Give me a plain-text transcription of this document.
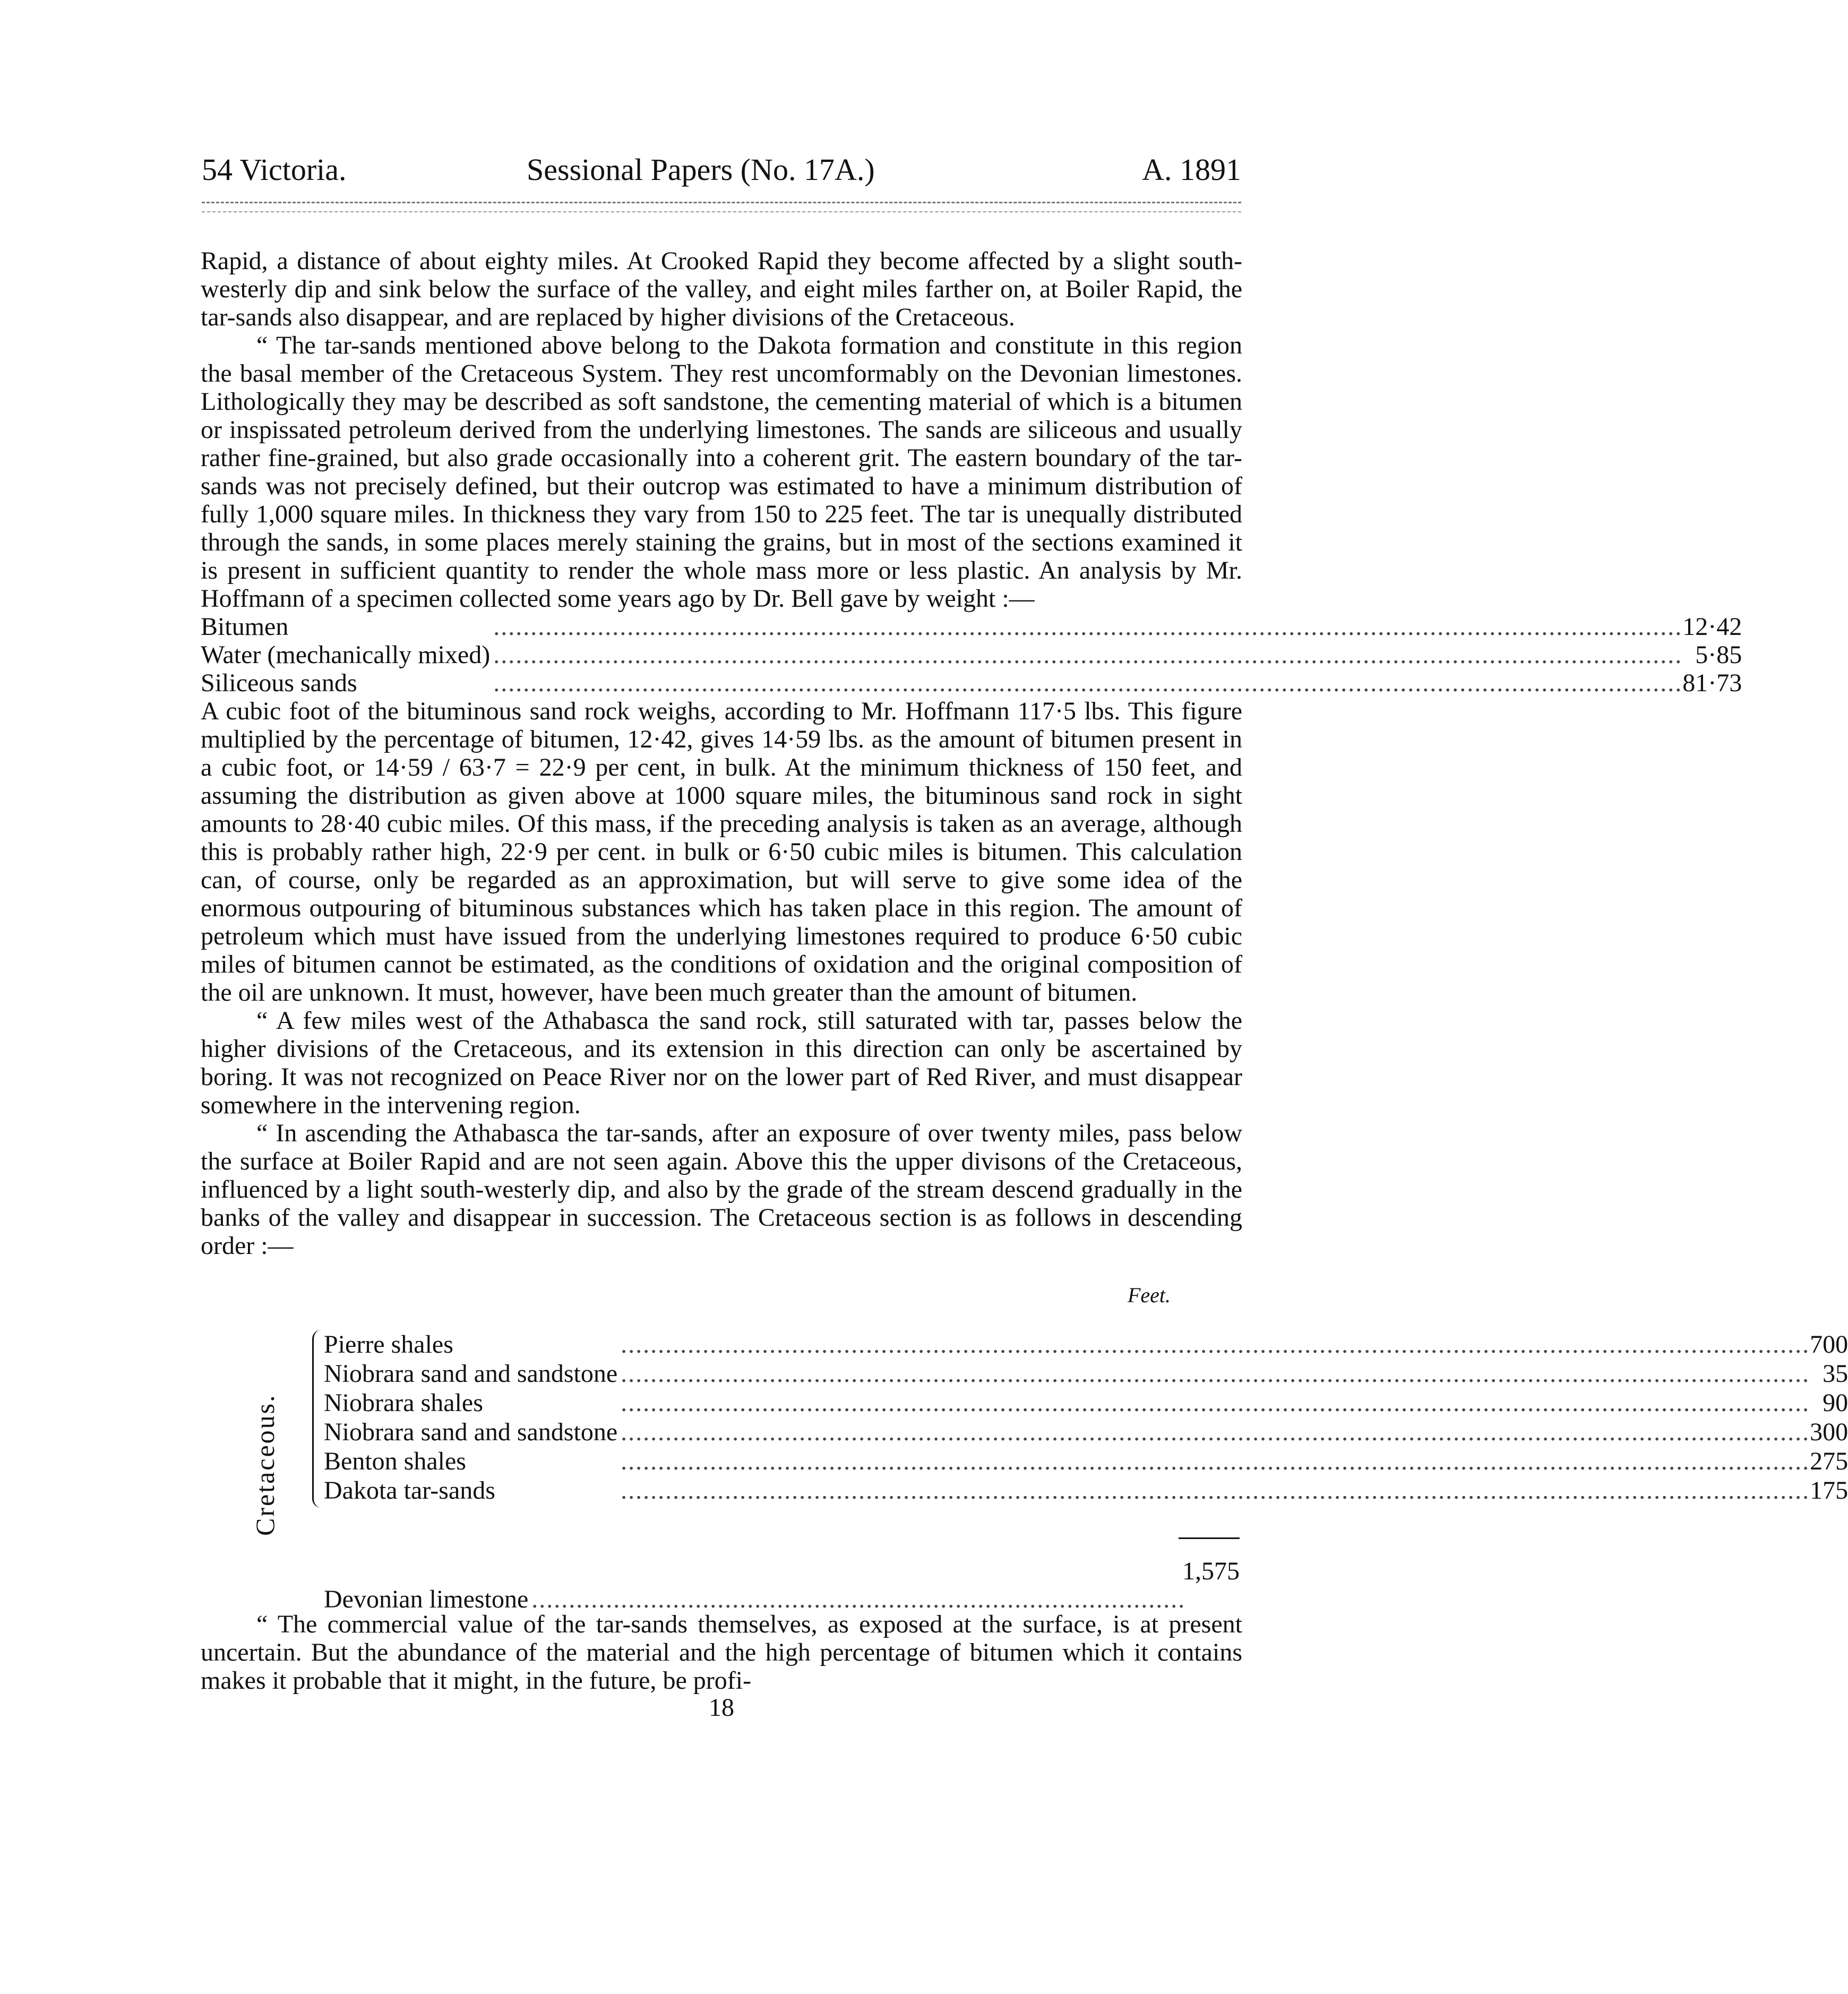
54 Victoria.	Sessional Papers (No. 17A.)	A. 1891

Rapid, a distance of about eighty miles. At Crooked Rapid they become affected by a slight south-westerly dip and sink below the surface of the valley, and eight miles farther on, at Boiler Rapid, the tar-sands also disappear, and are replaced by higher divisions of the Cretaceous.

“ The tar-sands mentioned above belong to the Dakota formation and constitute in this region the basal member of the Cretaceous System. They rest uncomformably on the Devonian limestones. Lithologically they may be described as soft sandstone, the cementing material of which is a bitumen or inspissated petroleum derived from the underlying limestones. The sands are siliceous and usually rather fine-grained, but also grade occasionally into a coherent grit. The eastern boundary of the tar-sands was not precisely defined, but their outcrop was estimated to have a minimum distribution of fully 1,000 square miles. In thickness they vary from 150 to 225 feet. The tar is unequally distributed through the sands, in some places merely staining the grains, but in most of the sections examined it is present in sufficient quantity to render the whole mass more or less plastic. An analysis by Mr. Hoffmann of a specimen collected some years ago by Dr. Bell gave by weight :—

Bitumen	................................................................................................................................................................	12·42
Water (mechanically mixed)	................................................................................................................................................................	5·85
Siliceous sands	................................................................................................................................................................	81·73

A cubic foot of the bituminous sand rock weighs, according to Mr. Hoffmann 117·5 lbs. This figure multiplied by the percentage of bitumen, 12·42, gives 14·59 lbs. as the amount of bitumen present in a cubic foot, or 14·59 / 63·7 = 22·9 per cent, in bulk. At the minimum thickness of 150 feet, and assuming the distribution as given above at 1000 square miles, the bituminous sand rock in sight amounts to 28·40 cubic miles. Of this mass, if the preceding analysis is taken as an average, although this is probably rather high, 22·9 per cent. in bulk or 6·50 cubic miles is bitumen. This calculation can, of course, only be regarded as an approximation, but will serve to give some idea of the enormous outpouring of bituminous substances which has taken place in this region. The amount of petroleum which must have issued from the underlying limestones required to produce 6·50 cubic miles of bitumen cannot be estimated, as the conditions of oxidation and the original composition of the oil are unknown. It must, however, have been much greater than the amount of bitumen.

“ A few miles west of the Athabasca the sand rock, still saturated with tar, passes below the higher divisions of the Cretaceous, and its extension in this direction can only be ascertained by boring. It was not recognized on Peace River nor on the lower part of Red River, and must disappear somewhere in the intervening region.

“ In ascending the Athabasca the tar-sands, after an exposure of over twenty miles, pass below the surface at Boiler Rapid and are not seen again. Above this the upper divisons of the Cretaceous, influenced by a light south-westerly dip, and also by the grade of the stream descend gradually in the banks of the valley and disappear in succession. The Cretaceous section is as follows in descending order :—

Feet.
Cretaceous.
Pierre shales	................................................................................................................................................................	700
Niobrara sand and sandstone	................................................................................................................................................................	35
Niobrara shales	................................................................................................................................................................	90
Niobrara sand and sandstone	................................................................................................................................................................	300
Benton shales	................................................................................................................................................................	275
Dakota tar-sands	................................................................................................................................................................	175
1,575
Devonian limestone	........................................................................................

“ The commercial value of the tar-sands themselves, as exposed at the surface, is at present uncertain. But the abundance of the material and the high percentage of bitumen which it contains makes it probable that it might, in the future, be profi-

18
